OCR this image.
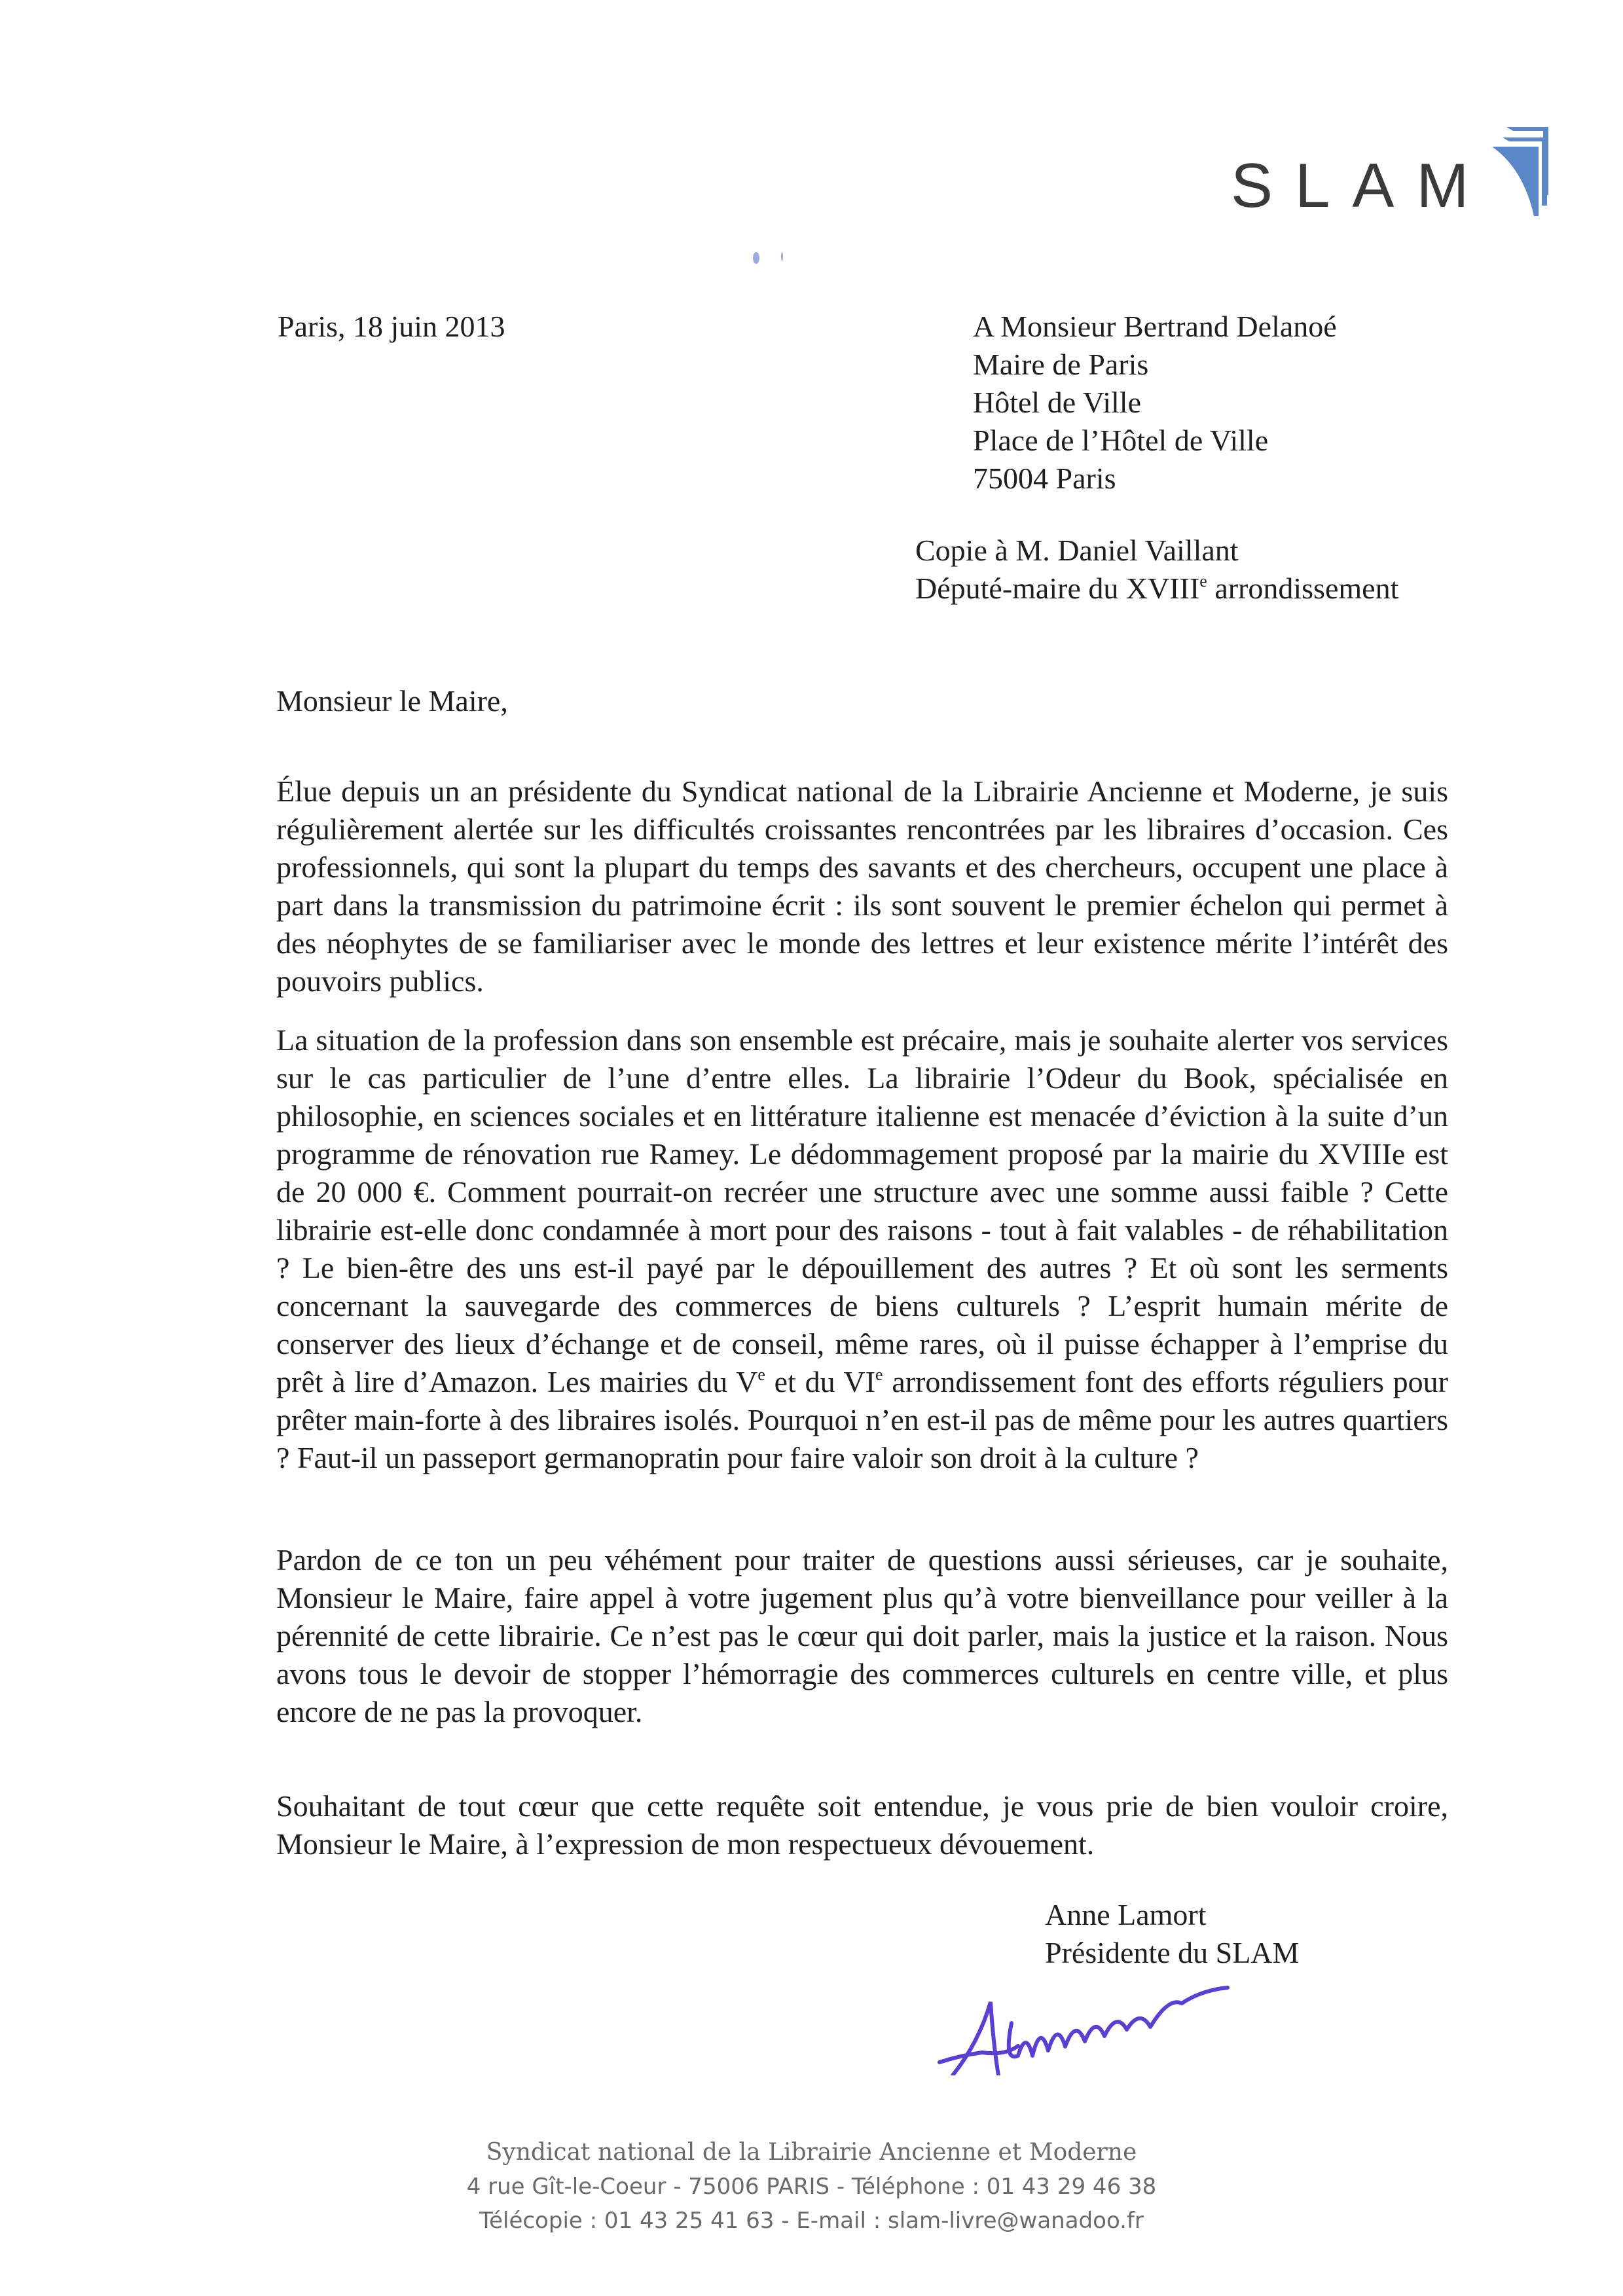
SLAM
Paris, 18 juin 2013	A Monsieur Bertrand Delanoé
Maire de Paris
Hôtel de Ville
Place de l’Hôtel de Ville
75004 Paris
Copie à M. Daniel Vaillant
Député-maire du XVIIIe arrondissement
Monsieur le Maire,

Élue depuis un an présidente du Syndicat national de la Librairie Ancienne et Moderne, je suis régulièrement alertée sur les difficultés croissantes rencontrées par les libraires d’occasion. Ces professionnels, qui sont la plupart du temps des savants et des chercheurs, occupent une place à part dans la transmission du patrimoine écrit : ils sont souvent le premier échelon qui permet à des néophytes de se familiariser avec le monde des lettres et leur existence mérite l’intérêt des pouvoirs publics.

La situation de la profession dans son ensemble est précaire, mais je souhaite alerter vos services sur le cas particulier de l’une d’entre elles. La librairie l’Odeur du Book, spécialisée en philosophie, en sciences sociales et en littérature italienne est menacée d’éviction à la suite d’un programme de rénovation rue Ramey. Le dédommagement proposé par la mairie du XVIIIe est de 20 000 €. Comment pourrait-on recréer une structure avec une somme aussi faible ? Cette librairie est-elle donc condamnée à mort pour des raisons - tout à fait valables - de réhabilitation ? Le bien-être des uns est-il payé par le dépouillement des autres ? Et où sont les serments concernant la sauvegarde des commerces de biens culturels ? L’esprit humain mérite de conserver des lieux d’échange et de conseil, même rares, où il puisse échapper à l’emprise du prêt à lire d’Amazon. Les mairies du Ve et du VIe arrondissement font des efforts réguliers pour prêter main-forte à des libraires isolés. Pourquoi n’en est-il pas de même pour les autres quartiers ? Faut-il un passeport germanopratin pour faire valoir son droit à la culture ?

Pardon de ce ton un peu véhément pour traiter de questions aussi sérieuses, car je souhaite, Monsieur le Maire, faire appel à votre jugement plus qu’à votre bienveillance pour veiller à la pérennité de cette librairie. Ce n’est pas le cœur qui doit parler, mais la justice et la raison. Nous avons tous le devoir de stopper l’hémorragie des commerces culturels en centre ville, et plus encore de ne pas la provoquer.

Souhaitant de tout cœur que cette requête soit entendue, je vous prie de bien vouloir croire, Monsieur le Maire, à l’expression de mon respectueux dévouement.

Anne Lamort
Présidente du SLAM
Syndicat national de la Librairie Ancienne et Moderne
4 rue Gît-le-Coeur - 75006 PARIS - Téléphone : 01 43 29 46 38
Télécopie : 01 43 25 41 63 - E-mail : slam-livre@wanadoo.fr
